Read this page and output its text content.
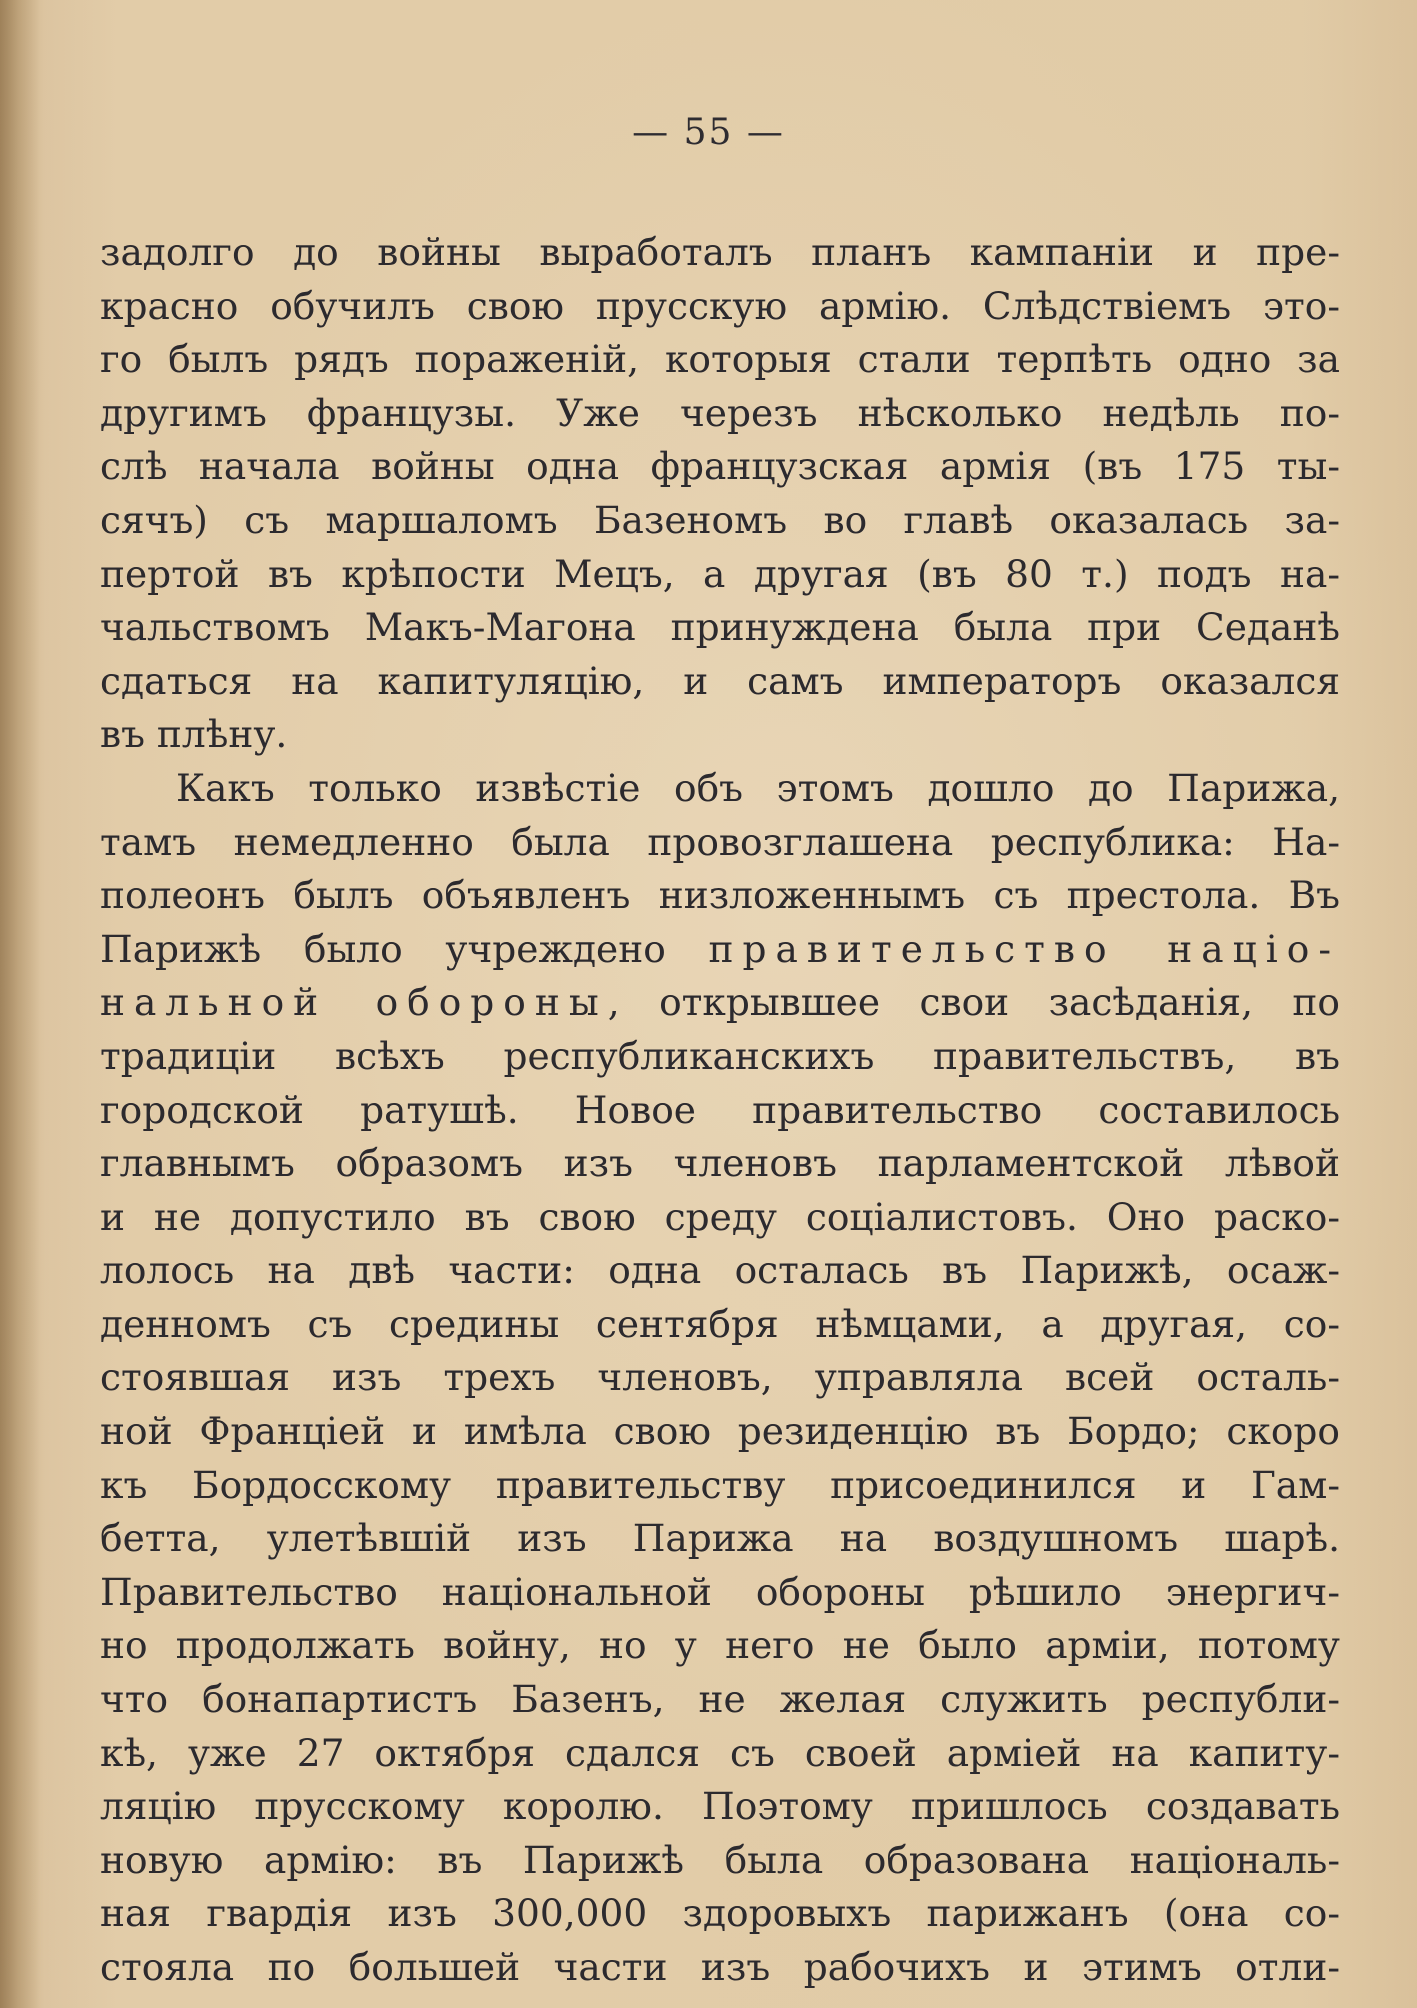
— 55 —
задолго до войны выработалъ планъ кампаніи и пре-
красно обучилъ свою прусскую армію. Слѣдствіемъ это-
го былъ рядъ пораженій, которыя стали терпѣть одно за
другимъ французы. Уже черезъ нѣсколько недѣль по-
слѣ начала войны одна французская армія (въ 175 ты-
сячъ) съ маршаломъ Базеномъ во главѣ оказалась за-
пертой въ крѣпости Мецъ, а другая (въ 80 т.) подъ на-
чальствомъ Макъ-Магона принуждена была при Седанѣ
сдаться на капитуляцію, и самъ императоръ оказался
въ плѣну.
Какъ только извѣстіе объ этомъ дошло до Парижа,
тамъ немедленно была провозглашена республика: На-
полеонъ былъ объявленъ низложеннымъ съ престола. Въ
Парижѣ было учреждено правительство націо-
нальной обороны, открывшее свои засѣданія, по
традиціи всѣхъ республиканскихъ правительствъ, въ
городской ратушѣ. Новое правительство составилось
главнымъ образомъ изъ членовъ парламентской лѣвой
и не допустило въ свою среду соціалистовъ. Оно раско-
лолось на двѣ части: одна осталась въ Парижѣ, осаж-
денномъ съ средины сентября нѣмцами, а другая, со-
стоявшая изъ трехъ членовъ, управляла всей осталь-
ной Франціей и имѣла свою резиденцію въ Бордо; скоро
къ Бордосскому правительству присоединился и Гам-
бетта, улетѣвшій изъ Парижа на воздушномъ шарѣ.
Правительство національной обороны рѣшило энергич-
но продолжать войну, но у него не было арміи, потому
что бонапартистъ Базенъ, не желая служить республи-
кѣ, уже 27 октября сдался съ своей арміей на капиту-
ляцію прусскому королю. Поэтому пришлось создавать
новую армію: въ Парижѣ была образована національ-
ная гвардія изъ 300,000 здоровыхъ парижанъ (она со-
стояла по большей части изъ рабочихъ и этимъ отли-
